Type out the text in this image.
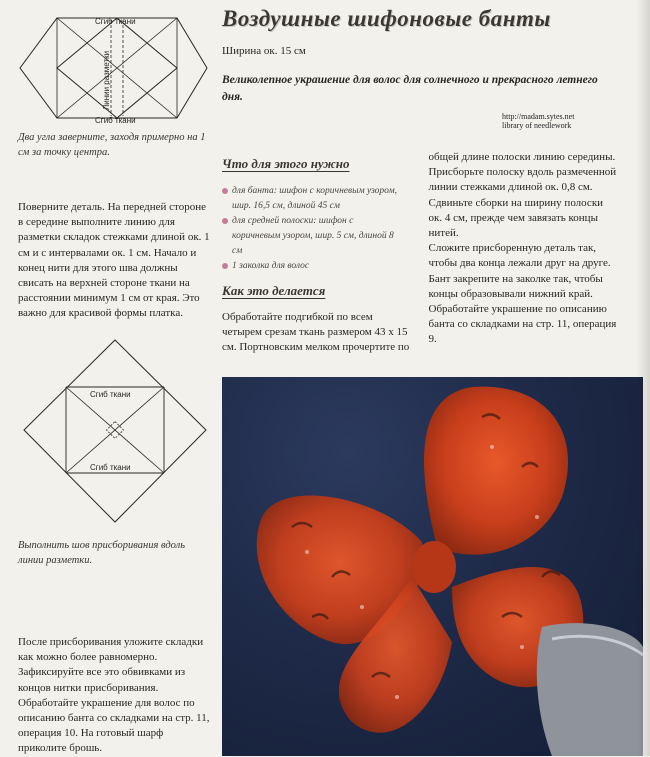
Сгиб ткани
Сгиб ткани
Линии разметки
Два угла заверните, заходя примерно на 1 см за точку центра.
Поверните деталь. На передней стороне в середине выполните линию для разметки складок стежками длиной ок. 1 см и с интервалами ок. 1 см. Начало и конец нити для этого шва должны свисать на верхней стороне ткани на расстоянии минимум 1 см от края. Это важно для красивой формы платка.
Сгиб ткани
Сгиб ткани
Выполнить шов присборивания вдоль линии разметки.
После присборивания уложите складки как можно более равномерно. Зафиксируйте все это обвивками из концов нитки присборивания. Обработайте украшение для волос по описанию банта со складками на стр. 11, операция 10. На готовый шарф приколите брошь.
Воздушные шифоновые банты
Ширина ок. 15 см
Великолепное украшение для волос для солнечного и прекрасного летнего дня.
http://madam.sytes.net
library of needlework
Что для этого нужно
для банта: шифон с коричневым узором, шир. 16,5 см, длиной 45 см
для средней полоски: шифон с коричневым узором, шир. 5 см, длиной 8 см
1 заколка для волос
Как это делается
Обработайте подгибкой по всем четырем срезам ткань размером 43 х 15 см. Портновским мелком прочертите по общей длине полоски линию середины. Присборьте полоску вдоль размеченной линии стежками длиной ок. 0,8 см. Сдвиньте сборки на ширину полоски ок. 4 см, прежде чем завязать концы нитей.
Сложите присборенную деталь так, чтобы два конца лежали друг на друге. Бант закрепите на заколке так, чтобы концы образовывали нижний край.
Обработайте украшение по описанию банта со складками на стр. 11, операция 9.
